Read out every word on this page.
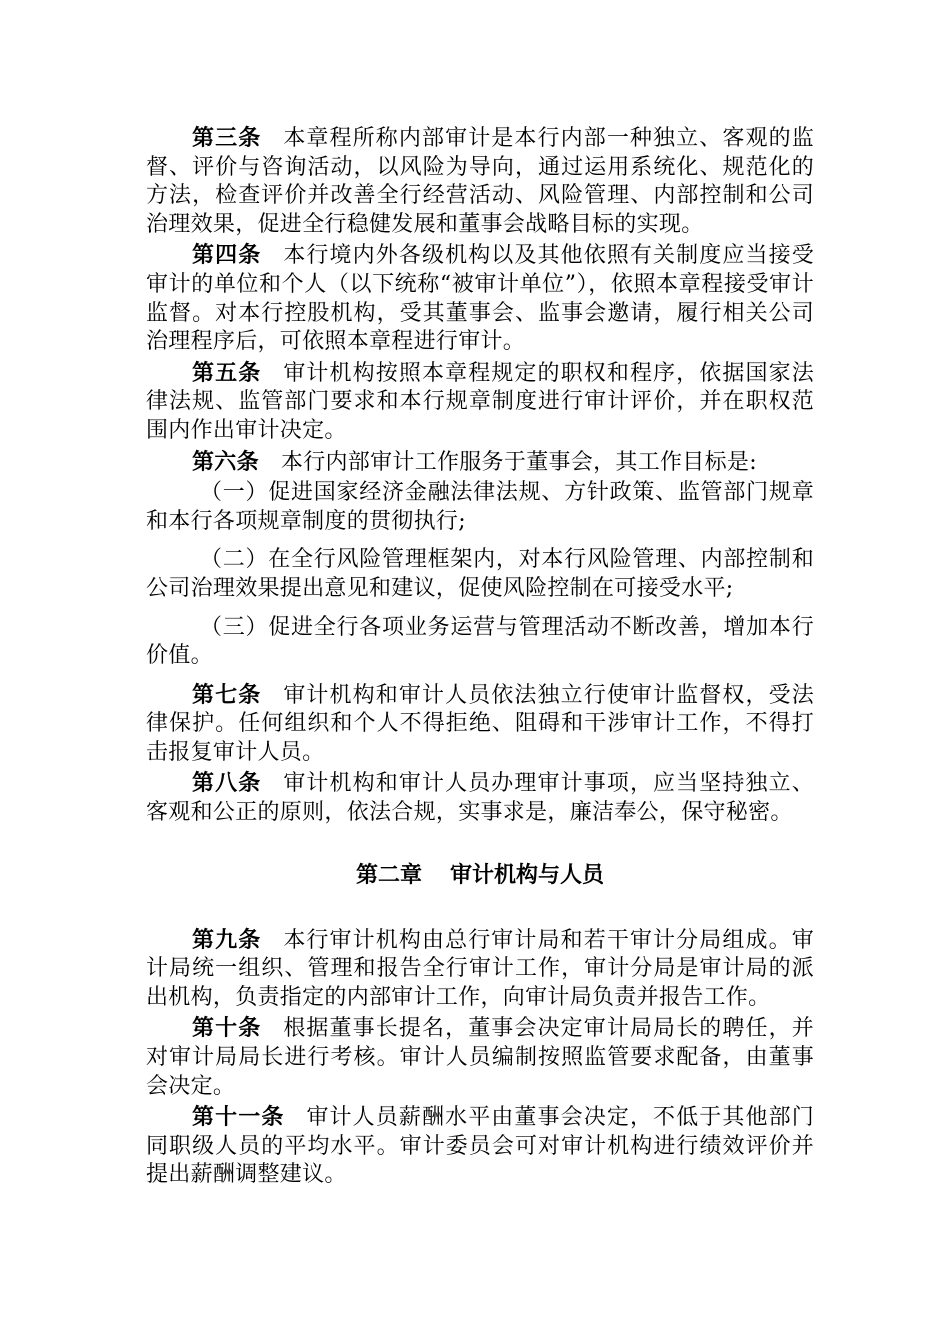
第三条 本章程所称内部审计是本行内部一种独立、客观的监督、评价与咨询活动，以风险为导向，通过运用系统化、规范化的方法，检查评价并改善全行经营活动、风险管理、内部控制和公司治理效果，促进全行稳健发展和董事会战略目标的实现。

第四条 本行境内外各级机构以及其他依照有关制度应当接受审计的单位和个人（以下统称“被审计单位”），依照本章程接受审计监督。对本行控股机构，受其董事会、监事会邀请，履行相关公司治理程序后，可依照本章程进行审计。

第五条 审计机构按照本章程规定的职权和程序，依据国家法律法规、监管部门要求和本行规章制度进行审计评价，并在职权范围内作出审计决定。

第六条 本行内部审计工作服务于董事会，其工作目标是:

（一）促进国家经济金融法律法规、方针政策、监管部门规章和本行各项规章制度的贯彻执行;

（二）在全行风险管理框架内，对本行风险管理、内部控制和公司治理效果提出意见和建议，促使风险控制在可接受水平;

（三）促进全行各项业务运营与管理活动不断改善，增加本行价值。

第七条 审计机构和审计人员依法独立行使审计监督权，受法律保护。任何组织和个人不得拒绝、阻碍和干涉审计工作，不得打击报复审计人员。

第八条 审计机构和审计人员办理审计事项，应当坚持独立、客观和公正的原则，依法合规，实事求是，廉洁奉公，保守秘密。

第二章 审计机构与人员

第九条 本行审计机构由总行审计局和若干审计分局组成。审计局统一组织、管理和报告全行审计工作，审计分局是审计局的派出机构，负责指定的内部审计工作，向审计局负责并报告工作。

第十条 根据董事长提名，董事会决定审计局局长的聘任，并对审计局局长进行考核。审计人员编制按照监管要求配备，由董事会决定。

第十一条 审计人员薪酬水平由董事会决定，不低于其他部门同职级人员的平均水平。审计委员会可对审计机构进行绩效评价并提出薪酬调整建议。
